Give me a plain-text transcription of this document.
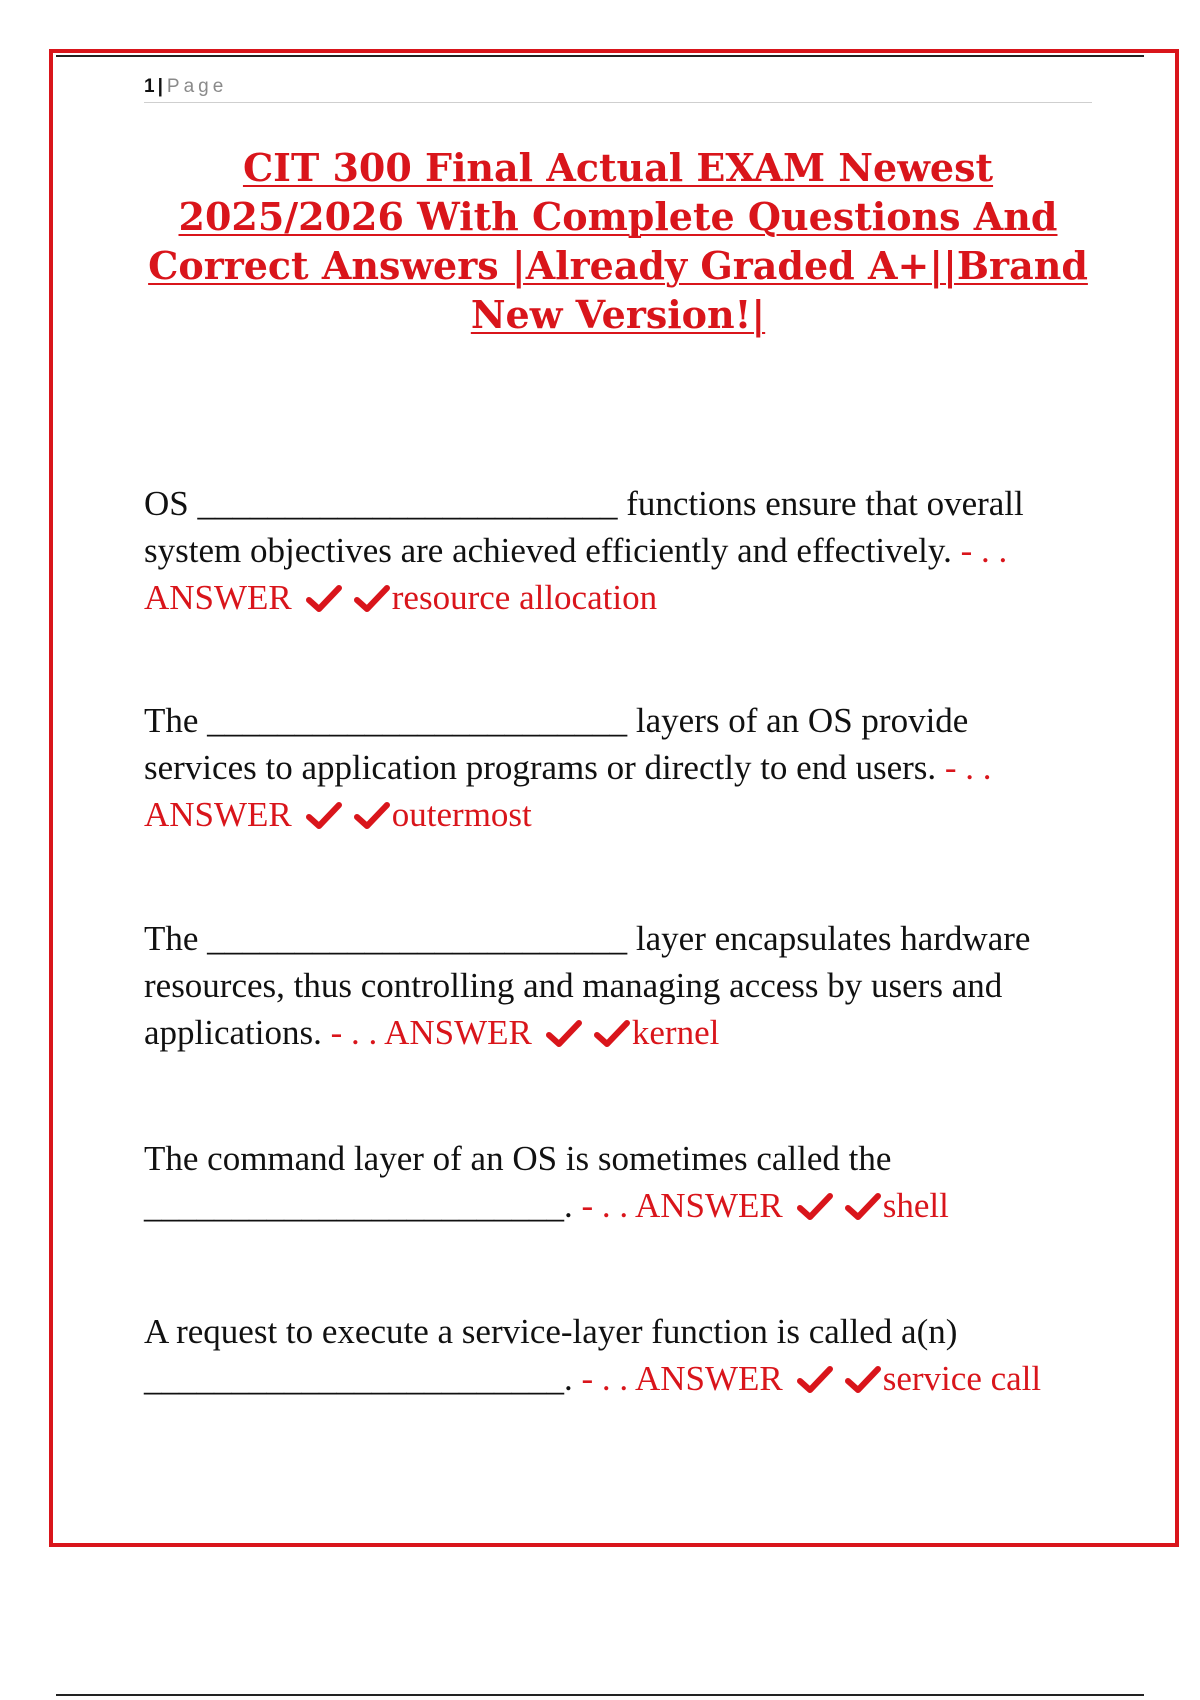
1 | Page
CIT 300 Final Actual EXAM Newest 2025/2026 With Complete Questions And Correct Answers |Already Graded A+||Brand New Version!|
OS ________________________ functions ensure that overall system objectives are achieved efficiently and effectively. - . . ANSWER	resource allocation
The ________________________ layers of an OS provide services to application programs or directly to end users. - . . ANSWER	outermost
The ________________________ layer encapsulates hardware resources, thus controlling and managing access by users and applications. - . . ANSWER	kernel
The command layer of an OS is sometimes called the ________________________. - . . ANSWER	shell
A request to execute a service-layer function is called a(n) ________________________. - . . ANSWER	service call
